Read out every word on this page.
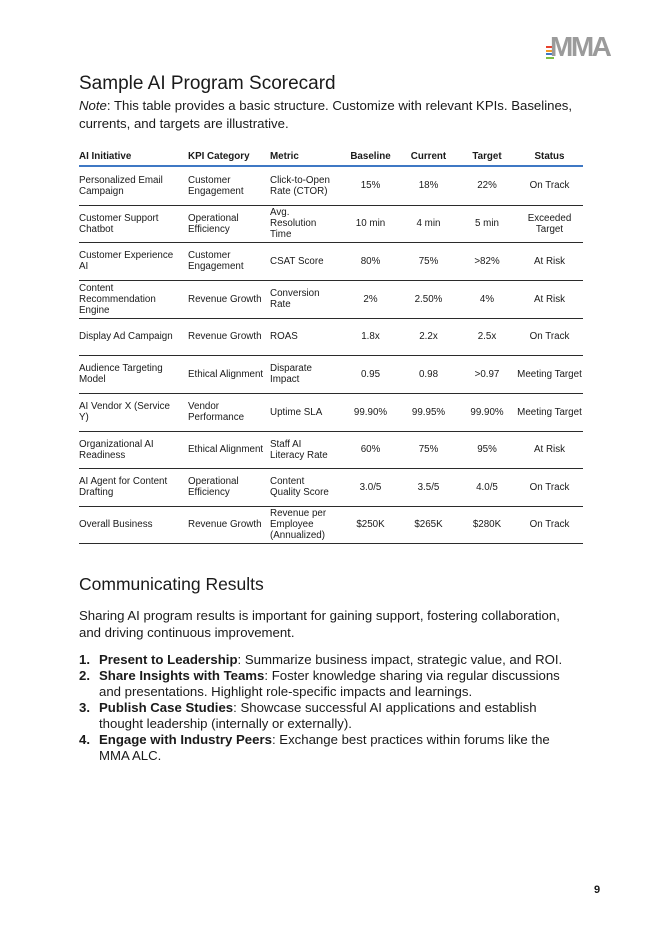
MMA
Sample AI Program Scorecard

Note: This table provides a basic structure. Customize with relevant KPIs. Baselines, currents, and targets are illustrative.

AI Initiative	KPI Category	Metric	Baseline	Current	Target	Status
Personalized Email Campaign	Customer Engagement	Click-to-Open Rate (CTOR)	15%	18%	22%	On Track
Customer Support Chatbot	Operational Efficiency	Avg. Resolution Time	10 min	4 min	5 min	Exceeded Target
Customer Experience AI	Customer Engagement	CSAT Score	80%	75%	>82%	At Risk
Content Recommendation Engine	Revenue Growth	Conversion Rate	2%	2.50%	4%	At Risk
Display Ad Campaign	Revenue Growth	ROAS	1.8x	2.2x	2.5x	On Track
Audience Targeting Model	Ethical Alignment	Disparate Impact	0.95	0.98	>0.97	Meeting Target
AI Vendor X (Service Y)	Vendor Performance	Uptime SLA	99.90%	99.95%	99.90%	Meeting Target
Organizational AI Readiness	Ethical Alignment	Staff AI Literacy Rate	60%	75%	95%	At Risk
AI Agent for Content Drafting	Operational Efficiency	Content Quality Score	3.0/5	3.5/5	4.0/5	On Track
Overall Business	Revenue Growth	Revenue per Employee (Annualized)	$250K	$265K	$280K	On Track
Communicating Results

Sharing AI program results is important for gaining support, fostering collaboration, and driving continuous improvement.

1. Present to Leadership: Summarize business impact, strategic value, and ROI.
2. Share Insights with Teams: Foster knowledge sharing via regular discussions and presentations. Highlight role-specific impacts and learnings.
3. Publish Case Studies: Showcase successful AI applications and establish thought leadership (internally or externally).
4. Engage with Industry Peers: Exchange best practices within forums like the MMA ALC.
9
